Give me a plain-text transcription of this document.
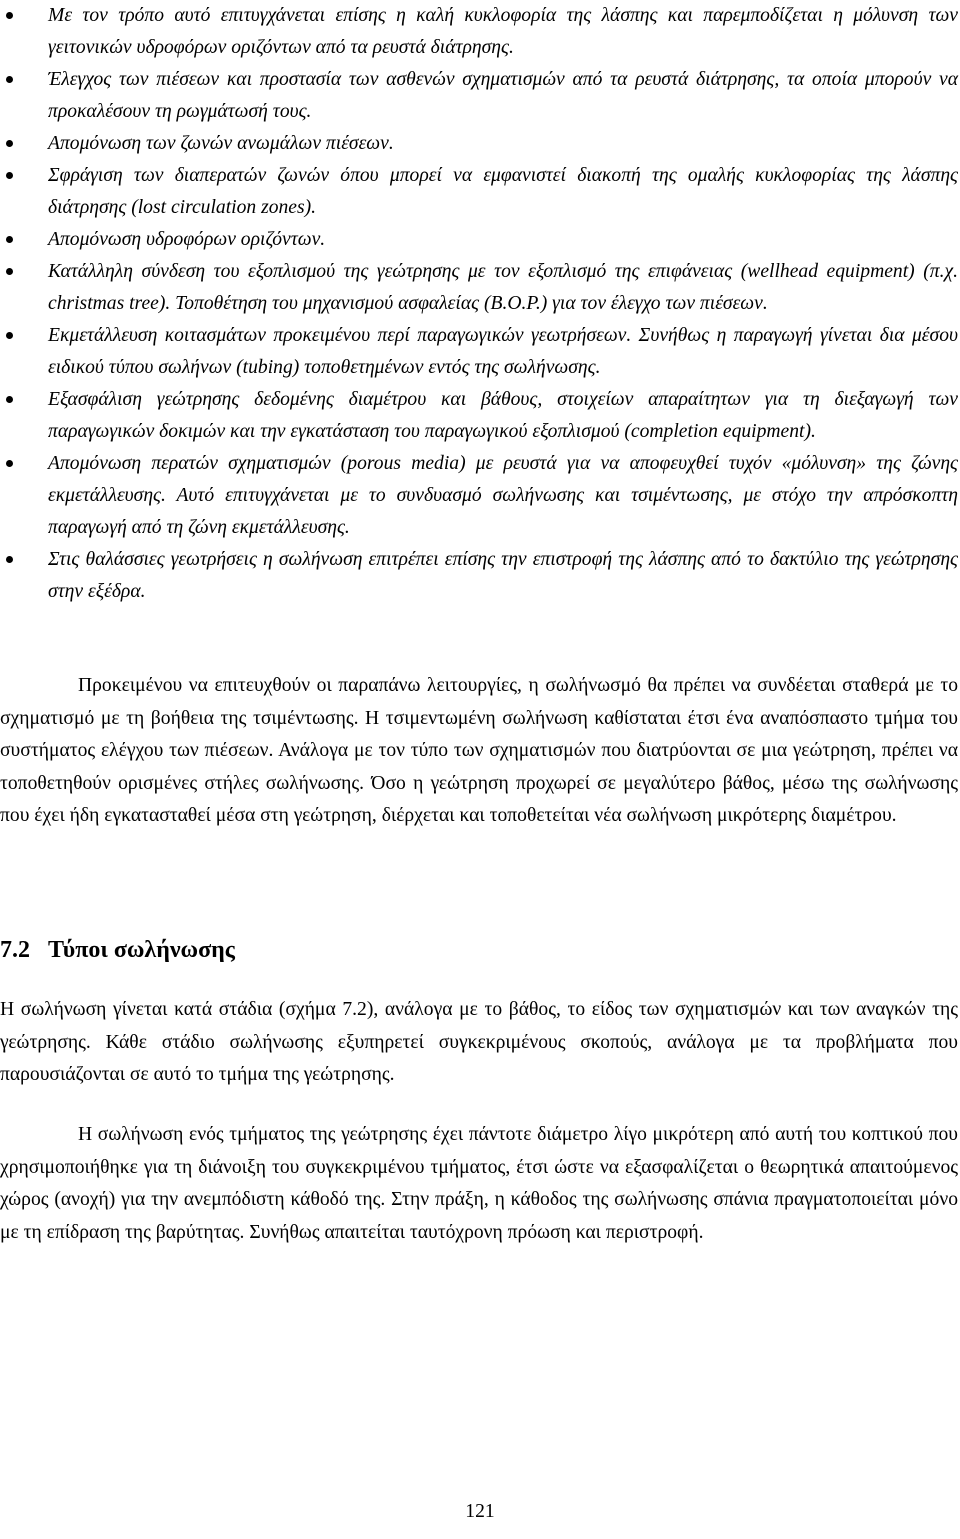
Με τον τρόπο αυτό επιτυγχάνεται επίσης η καλή κυκλοφορία της λάσπης και παρεμποδίζεται η μόλυνση των γειτονικών υδροφόρων οριζόντων από τα ρευστά διάτρησης.
Έλεγχος των πιέσεων και προστασία των ασθενών σχηματισμών από τα ρευστά διάτρησης, τα οποία μπορούν να προκαλέσουν τη ρωγμάτωσή τους.
Απομόνωση των ζωνών ανωμάλων πιέσεων.
Σφράγιση των διαπερατών ζωνών όπου μπορεί να εμφανιστεί διακοπή της ομαλής κυκλοφορίας της λάσπης διάτρησης (lost circulation zones).
Απομόνωση υδροφόρων οριζόντων.
Κατάλληλη σύνδεση του εξοπλισμού της γεώτρησης με τον εξοπλισμό της επιφάνειας (wellhead equipment) (π.χ. christmas tree). Τοποθέτηση του μηχανισμού ασφαλείας (B.O.P.) για τον έλεγχο των πιέσεων.
Εκμετάλλευση κοιτασμάτων προκειμένου περί παραγωγικών γεωτρήσεων. Συνήθως η παραγωγή γίνεται δια μέσου ειδικού τύπου σωλήνων (tubing) τοποθετημένων εντός της σωλήνωσης.
Εξασφάλιση γεώτρησης δεδομένης διαμέτρου και βάθους, στοιχείων απαραίτητων για τη διεξαγωγή των παραγωγικών δοκιμών και την εγκατάσταση του παραγωγικού εξοπλισμού (completion equipment).
Απομόνωση περατών σχηματισμών (porous media) με ρευστά για να αποφευχθεί τυχόν «μόλυνση» της ζώνης εκμετάλλευσης. Αυτό επιτυγχάνεται με το συνδυασμό σωλήνωσης και τσιμέντωσης, με στόχο την απρόσκοπτη παραγωγή από τη ζώνη εκμετάλλευσης.
Στις θαλάσσιες γεωτρήσεις η σωλήνωση επιτρέπει επίσης την επιστροφή της λάσπης από το δακτύλιο της γεώτρησης στην εξέδρα.

Προκειμένου να επιτευχθούν οι παραπάνω λειτουργίες, η σωλήνωσμό θα πρέπει να συνδέεται σταθερά με το σχηματισμό με τη βοήθεια της τσιμέντωσης. Η τσιμεντωμένη σωλήνωση καθίσταται έτσι ένα αναπόσπαστο τμήμα του συστήματος ελέγχου των πιέσεων. Ανάλογα με τον τύπο των σχηματισμών που διατρύονται σε μια γεώτρηση, πρέπει να τοποθετηθούν ορισμένες στήλες σωλήνωσης. Όσο η γεώτρηση προχωρεί σε μεγαλύτερο βάθος, μέσω της σωλήνωσης που έχει ήδη εγκατασταθεί μέσα στη γεώτρηση, διέρχεται και τοποθετείται νέα σωλήνωση μικρότερης διαμέτρου.

7.2 Τύποι σωλήνωσης

Η σωλήνωση γίνεται κατά στάδια (σχήμα 7.2), ανάλογα με το βάθος, το είδος των σχηματισμών και των αναγκών της γεώτρησης. Κάθε στάδιο σωλήνωσης εξυπηρετεί συγκεκριμένους σκοπούς, ανάλογα με τα προβλήματα που παρουσιάζονται σε αυτό το τμήμα της γεώτρησης.

Η σωλήνωση ενός τμήματος της γεώτρησης έχει πάντοτε διάμετρο λίγο μικρότερη από αυτή του κοπτικού που χρησιμοποιήθηκε για τη διάνοιξη του συγκεκριμένου τμήματος, έτσι ώστε να εξασφαλίζεται ο θεωρητικά απαιτούμενος χώρος (ανοχή) για την ανεμπόδιστη κάθοδό της. Στην πράξη, η κάθοδος της σωλήνωσης σπάνια πραγματοποιείται μόνο με τη επίδραση της βαρύτητας. Συνήθως απαιτείται ταυτόχρονη πρόωση και περιστροφή.

121
